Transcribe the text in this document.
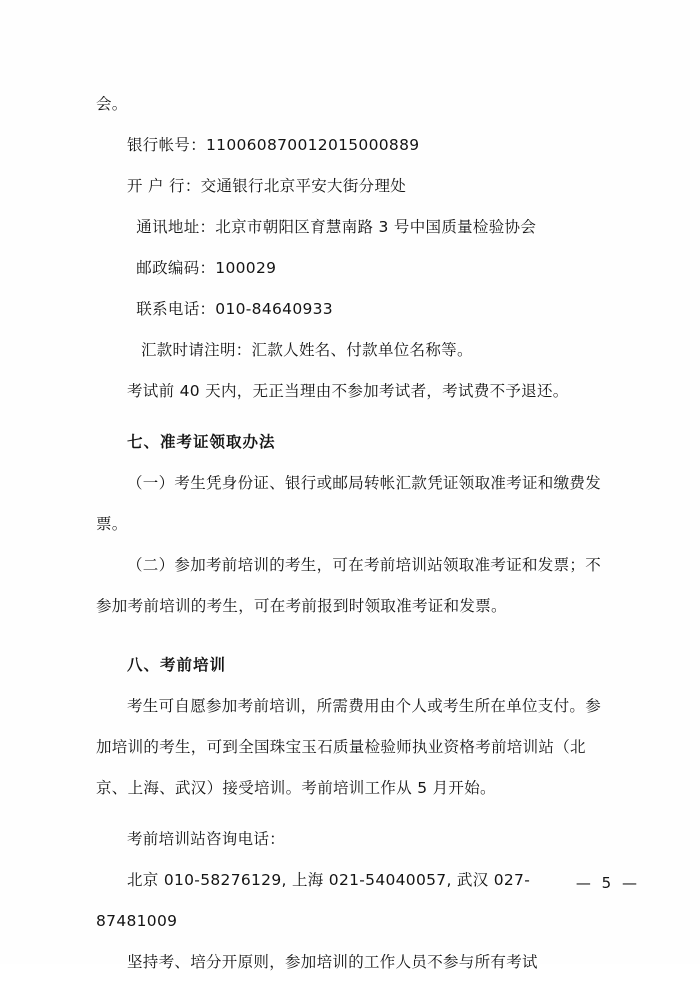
会。

银行帐号：110060870012015000889

开 户 行：交通银行北京平安大街分理处

通讯地址：北京市朝阳区育慧南路 3 号中国质量检验协会

邮政编码：100029

联系电话：010-84640933

汇款时请注明：汇款人姓名、付款单位名称等。

考试前 40 天内，无正当理由不参加考试者，考试费不予退还。

七、准考证领取办法

（一）考生凭身份证、银行或邮局转帐汇款凭证领取准考证和缴费发票。

（二）参加考前培训的考生，可在考前培训站领取准考证和发票；不参加考前培训的考生，可在考前报到时领取准考证和发票。

八、考前培训

考生可自愿参加考前培训，所需费用由个人或考生所在单位支付。参加培训的考生，可到全国珠宝玉石质量检验师执业资格考前培训站（北京、上海、武汉）接受培训。考前培训工作从 5 月开始。

考前培训站咨询电话：

北京 010-58276129, 上海 021-54040057, 武汉 027-87481009

坚持考、培分开原则，参加培训的工作人员不参与所有考试

— 5 —
